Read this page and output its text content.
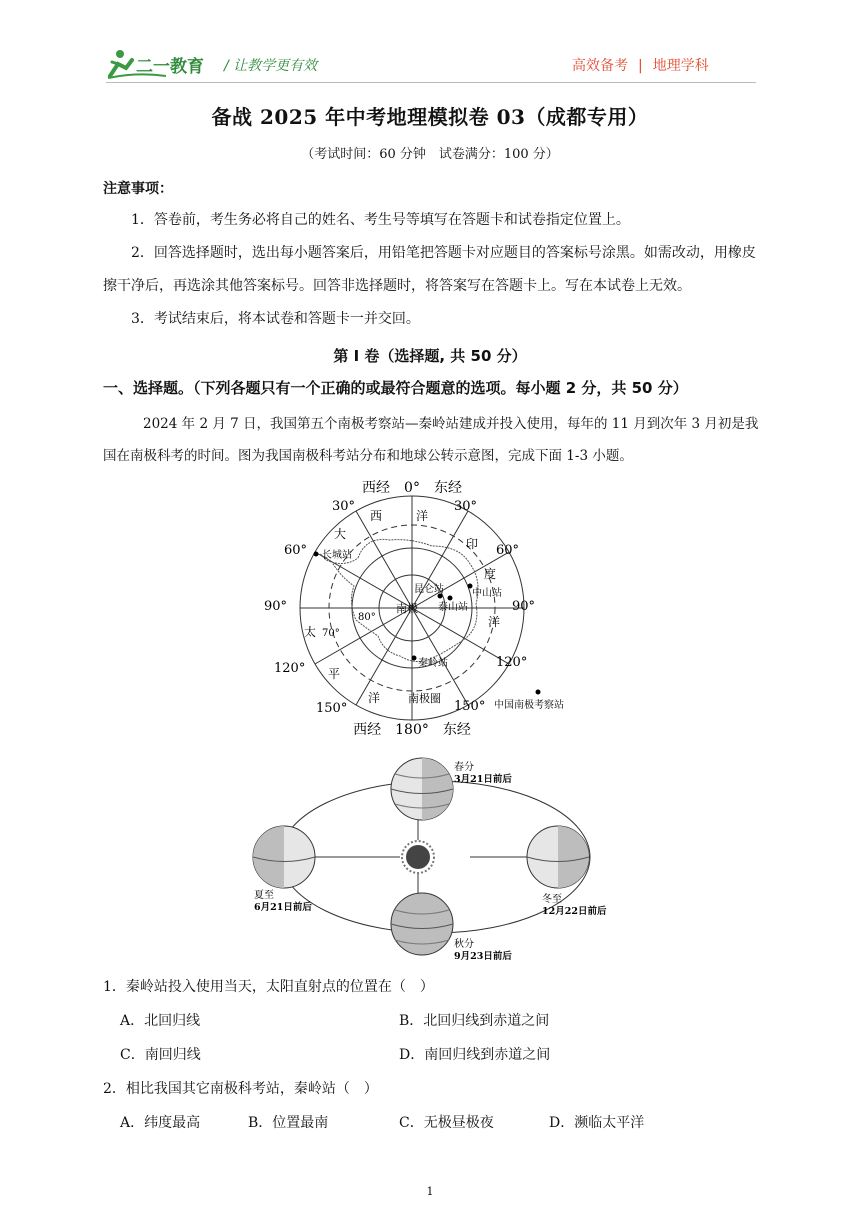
二一教育 / 让教学更有效	高效备考 | 地理学科
备战 2025 年中考地理模拟卷 03（成都专用）
（考试时间：60 分钟　试卷满分：100 分）
注意事项：
1．答卷前，考生务必将自己的姓名、考生号等填写在答题卡和试卷指定位置上。
2．回答选择题时，选出每小题答案后，用铅笔把答题卡对应题目的答案标号涂黑。如需改动，用橡皮擦干净后，再选涂其他答案标号。回答非选择题时，将答案写在答题卡上。写在本试卷上无效。
3．考试结束后，将本试卷和答题卡一并交回。
第 I 卷（选择题, 共 50 分）
一、选择题。（下列各题只有一个正确的或最符合题意的选项。每小题 2 分，共 50 分）
2024 年 2 月 7 日，我国第五个南极考察站—秦岭站建成并投入使用，每年的 11 月到次年 3 月初是我国在南极科考的时间。图为我国南极科考站分布和地球公转示意图，完成下面 1-3 小题。
西经　0°　东经
西经　180°　东经
30°	30°
60°	60°
90°	90°
120°	120°
150°	150°
70°
80°
大
西	洋
印
度
洋
太
平
洋
南极
南极圈
长城站
昆仑站
泰山站
中山站
秦岭站
中国南极考察站
春分
3月21日前后
夏至
6月21日前后
冬至
12月22日前后
秋分
9月23日前后
1．秦岭站投入使用当天，太阳直射点的位置在（　）
A．北回归线	B．北回归线到赤道之间
C．南回归线	D．南回归线到赤道之间
2．相比我国其它南极科考站，秦岭站（　）
A．纬度最高	B．位置最南	C．无极昼极夜	D．濒临太平洋
1
